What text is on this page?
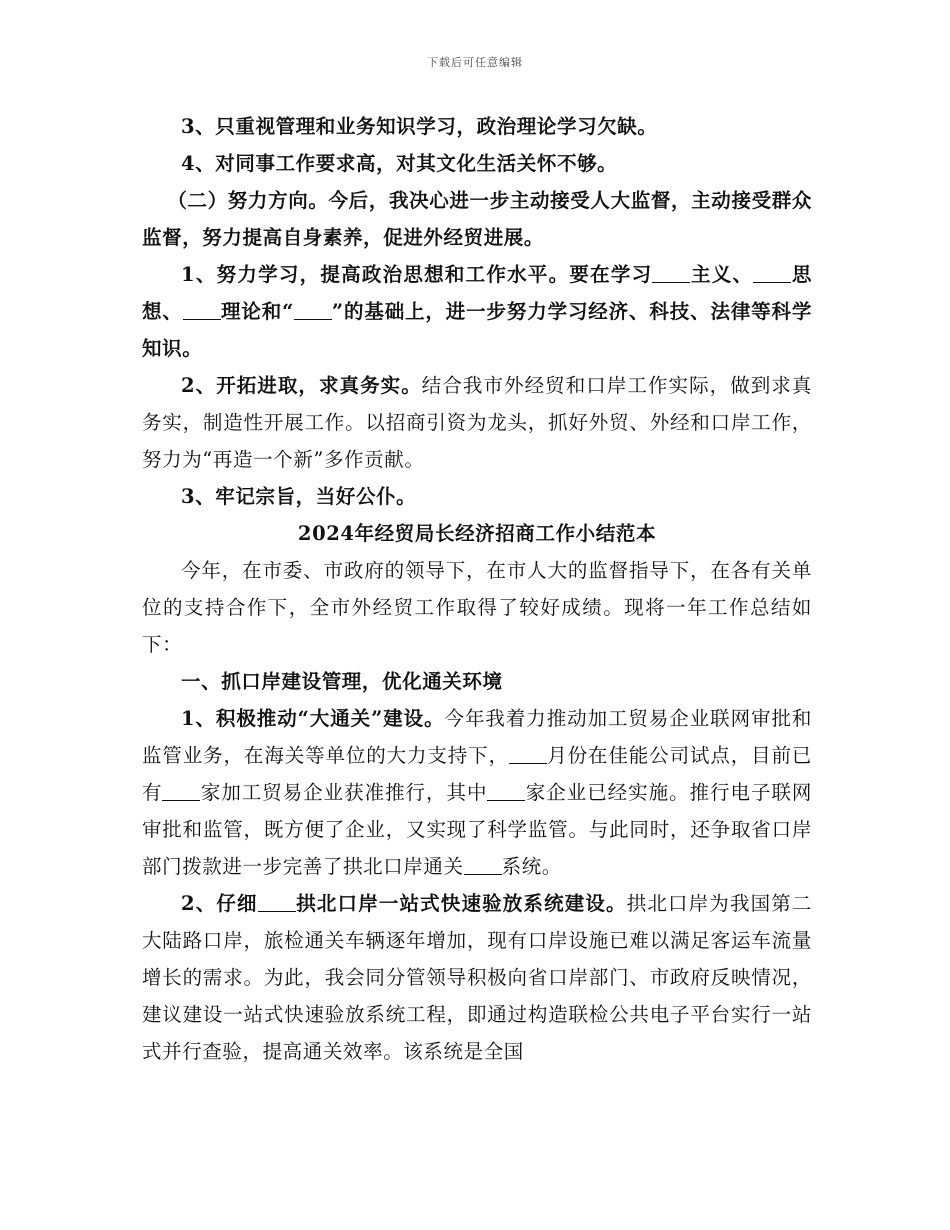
下载后可任意编辑

3、只重视管理和业务知识学习，政治理论学习欠缺。

4、对同事工作要求高，对其文化生活关怀不够。

（二）努力方向。今后，我决心进一步主动接受人大监督，主动接受群众监督，努力提高自身素养，促进外经贸进展。

1、努力学习，提高政治思想和工作水平。要在学习 主义、 思想、 理论和“ ”的基础上，进一步努力学习经济、科技、法律等科学知识。

2、开拓进取，求真务实。结合我市外经贸和口岸工作实际，做到求真务实，制造性开展工作。以招商引资为龙头，抓好外贸、外经和口岸工作，努力为“再造一个新”多作贡献。

3、牢记宗旨，当好公仆。

2024年经贸局长经济招商工作小结范本

今年，在市委、市政府的领导下，在市人大的监督指导下，在各有关单位的支持合作下，全市外经贸工作取得了较好成绩。现将一年工作总结如下：

一、抓口岸建设管理，优化通关环境

1、积极推动“大通关”建设。今年我着力推动加工贸易企业联网审批和监管业务，在海关等单位的大力支持下， 月份在佳能公司试点，目前已有 家加工贸易企业获准推行，其中 家企业已经实施。推行电子联网审批和监管，既方便了企业，又实现了科学监管。与此同时，还争取省口岸部门拨款进一步完善了拱北口岸通关 系统。

2、仔细 拱北口岸一站式快速验放系统建设。拱北口岸为我国第二大陆路口岸，旅检通关车辆逐年增加，现有口岸设施已难以满足客运车流量增长的需求。为此，我会同分管领导积极向省口岸部门、市政府反映情况，建议建设一站式快速验放系统工程，即通过构造联检公共电子平台实行一站式并行查验，提高通关效率。该系统是全国
